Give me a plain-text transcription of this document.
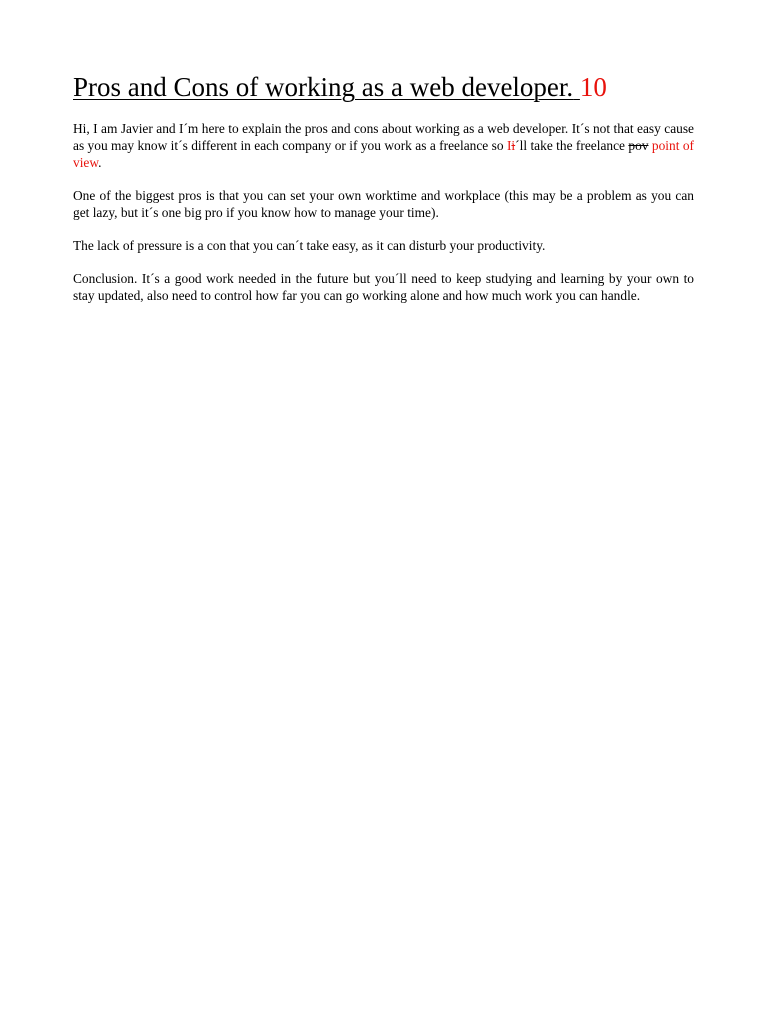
Pros and Cons of working as a web developer. 10

Hi, I am Javier and I´m here to explain the pros and cons about working as a web developer. It´s not that easy cause as you may know it´s different in each company or if you work as a freelance so Ii´ll take the freelance pov point of view.

One of the biggest pros is that you can set your own worktime and workplace (this may be a problem as you can get lazy, but it´s one big pro if you know how to manage your time).

The lack of pressure is a con that you can´t take easy, as it can disturb your productivity.

Conclusion. It´s a good work needed in the future but you´ll need to keep studying and learning by your own to stay updated, also need to control how far you can go working alone and how much work you can handle.
